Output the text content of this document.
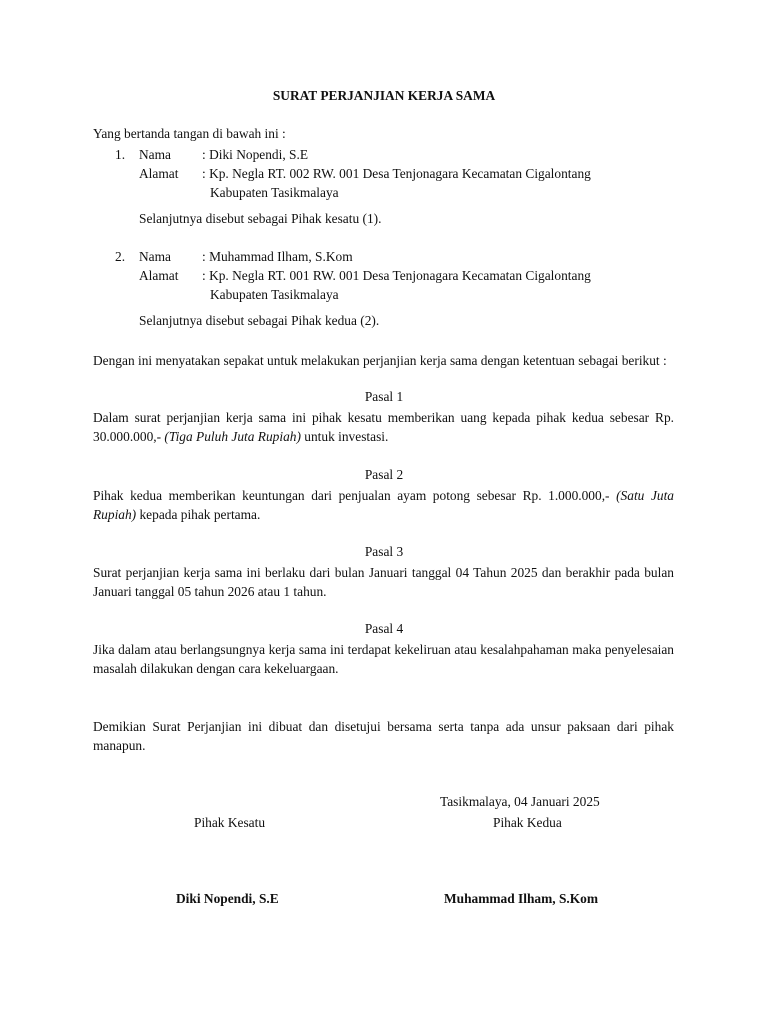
SURAT PERJANJIAN KERJA SAMA
Yang bertanda tangan di bawah ini :
1. Nama : Diki Nopendi, S.E
Alamat : Kp. Negla RT. 002 RW. 001 Desa Tenjonagara Kecamatan Cigalontang
Kabupaten Tasikmalaya
Selanjutnya disebut sebagai Pihak kesatu (1).
2. Nama : Muhammad Ilham, S.Kom
Alamat : Kp. Negla RT. 001 RW. 001 Desa Tenjonagara Kecamatan Cigalontang
Kabupaten Tasikmalaya
Selanjutnya disebut sebagai Pihak kedua (2).
Dengan ini menyatakan sepakat untuk melakukan perjanjian kerja sama dengan ketentuan sebagai berikut :
Pasal 1
Dalam surat perjanjian kerja sama ini pihak kesatu memberikan uang kepada pihak kedua sebesar Rp. 30.000.000,- (Tiga Puluh Juta Rupiah) untuk investasi.
Pasal 2
Pihak kedua memberikan keuntungan dari penjualan ayam potong sebesar Rp. 1.000.000,- (Satu Juta Rupiah) kepada pihak pertama.
Pasal 3
Surat perjanjian kerja sama ini berlaku dari bulan Januari tanggal 04 Tahun 2025 dan berakhir pada bulan Januari tanggal 05 tahun 2026 atau 1 tahun.
Pasal 4
Jika dalam atau berlangsungnya kerja sama ini terdapat kekeliruan atau kesalahpahaman maka penyelesaian masalah dilakukan dengan cara kekeluargaan.
Demikian Surat Perjanjian ini dibuat dan disetujui bersama serta tanpa ada unsur paksaan dari pihak manapun.
Tasikmalaya, 04 Januari 2025
Pihak Kesatu	Pihak Kedua
Diki Nopendi, S.E	Muhammad Ilham, S.Kom
